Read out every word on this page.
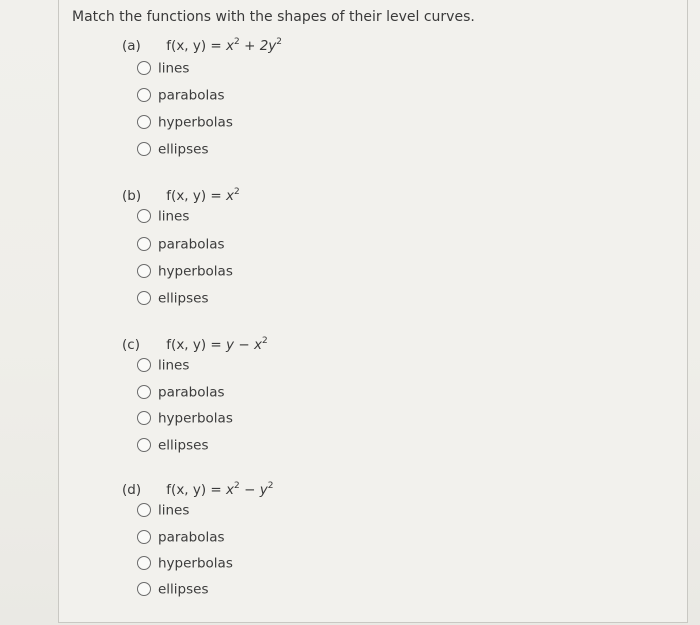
Match the functions with the shapes of their level curves.
(a) f(x, $y) = x^2 + 2y^2$
lines
parabolas
hyperbolas
ellipses
(b) f(x, $y) = x^2$
lines
parabolas
hyperbolas
ellipses
(c) f(x, $y) = y - x^2$
lines
parabolas
hyperbolas
ellipses
(d) f(x, $y) = x^2 - y^2$
lines
parabolas
hyperbolas
ellipses
